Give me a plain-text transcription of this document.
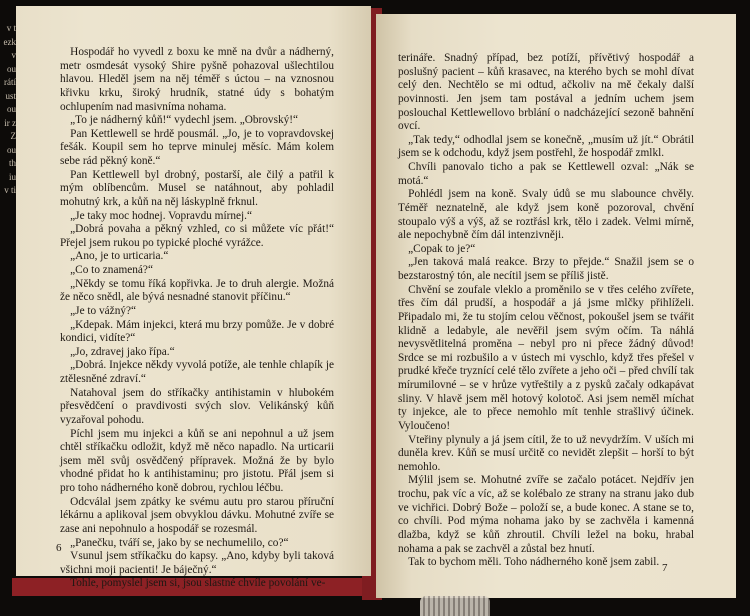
v t
ezk
v
ou
rátí
ust
ou
ir z
Z
ou
th
iu
v ti

Hospodář ho vyvedl z boxu ke mně na dvůr a nádherný, metr osmdesát vysoký Shire pyšně pohazoval ušlechtilou hlavou. Hleděl jsem na něj téměř s úctou – na vznosnou křivku krku, široký hrudník, statné údy s bohatým ochlupením nad masivníma nohama.

„To je nádherný kůň!“ vydechl jsem. „Obrovský!“

Pan Kettlewell se hrdě pousmál. „Jo, je to vopravdovskej fešák. Koupil sem ho teprve minulej měsíc. Mám kolem sebe rád pěkný koně.“

Pan Kettlewell byl drobný, postarší, ale čilý a patřil k mým oblíbencům. Musel se natáhnout, aby pohladil mohutný krk, a kůň na něj láskyplně frknul.

„Je taky moc hodnej. Vopravdu mírnej.“

„Dobrá povaha a pěkný vzhled, co si můžete víc přát!“ Přejel jsem rukou po typické ploché vyrážce.

„Ano, je to urticaria.“

„Co to znamená?“

„Někdy se tomu říká kopřivka. Je to druh alergie. Možná že něco snědl, ale bývá nesnadné stanovit příčinu.“

„Je to vážný?“

„Kdepak. Mám injekci, která mu brzy pomůže. Je v dobré kondici, vidíte?“

„Jo, zdravej jako řípa.“

„Dobrá. Injekce někdy vyvolá potíže, ale tenhle chlapík je ztělesněné zdraví.“

Natahoval jsem do stříkačky antihistamin v hlubokém přesvědčení o pravdivosti svých slov. Velikánský kůň vyzařoval pohodu.

Píchl jsem mu injekci a kůň se ani nepohnul a už jsem chtěl stříkačku odložit, když mě něco napadlo. Na urticarii jsem měl svůj osvědčený přípravek. Možná že by bylo vhodné přidat ho k antihistaminu; pro jistotu. Přál jsem si pro toho nádherného koně dobrou, rychlou léčbu.

Odcválal jsem zpátky ke svému autu pro starou příruční lékárnu a aplikoval jsem obvyklou dávku. Mohutné zvíře se zase ani nepohnulo a hospodář se rozesmál.

„Panečku, tváří se, jako by se nechumelilo, co?“

Vsunul jsem stříkačku do kapsy. „Ano, kdyby byli taková všichni moji pacienti! Je báječný.“

Tohle, pomyslel jsem si, jsou slastné chvíle povolání ve-

6

terináře. Snadný případ, bez potíží, přívětivý hospodář a poslušný pacient – kůň krasavec, na kterého bych se mohl dívat celý den. Nechtělo se mi odtud, ačkoliv na mě čekaly další povinnosti. Jen jsem tam postával a jedním uchem jsem poslouchal Kettlewellovo brblání o nadcházející sezoně bahnění ovcí.

„Tak tedy,“ odhodlal jsem se konečně, „musím už jít.“ Obrátil jsem se k odchodu, když jsem postřehl, že hospodář zmlkl.

Chvíli panovalo ticho a pak se Kettlewell ozval: „Nák se motá.“

Pohlédl jsem na koně. Svaly údů se mu slabounce chvěly. Téměř neznatelně, ale když jsem koně pozoroval, chvění stoupalo výš a výš, až se roztřásl krk, tělo i zadek. Velmi mírně, ale nepochybně čím dál intenzivněji.

„Copak to je?“

„Jen taková malá reakce. Brzy to přejde.“ Snažil jsem se o bezstarostný tón, ale necítil jsem se příliš jistě.

Chvění se zoufale vleklo a proměnilo se v třes celého zvířete, třes čím dál prudší, a hospodář a já jsme mlčky přihlíželi. Připadalo mi, že tu stojím celou věčnost, pokoušel jsem se tvářit klidně a ledabyle, ale nevěřil jsem svým očím. Ta náhlá nevysvětlitelná proměna – nebyl pro ni přece žádný důvod! Srdce se mi rozbušilo a v ústech mi vyschlo, když třes přešel v prudké křeče tryznící celé tělo zvířete a jeho oči – před chvílí tak mírumilovné – se v hrůze vytřeštily a z pysků začaly odkapávat sliny. V hlavě jsem měl hotový kolotoč. Asi jsem neměl míchat ty injekce, ale to přece nemohlo mít tenhle strašlivý účinek. Vyloučeno!

Vteřiny plynuly a já jsem cítil, že to už nevydržím. V uších mi duněla krev. Kůň se musí určitě co nevidět zlepšit – horší to být nemohlo.

Mýlil jsem se. Mohutné zvíře se začalo potácet. Nejdřív jen trochu, pak víc a víc, až se kolébalo ze strany na stranu jako dub ve vichřici. Dobrý Bože – položí se, a bude konec. A stane se to, co chvíli. Pod mýma nohama jako by se zachvěla i kamenná dlažba, když se kůň zhroutil. Chvíli ležel na boku, hrabal nohama a pak se zachvěl a zůstal bez hnutí.

Tak to bychom měli. Toho nádherného koně jsem zabil. 7
